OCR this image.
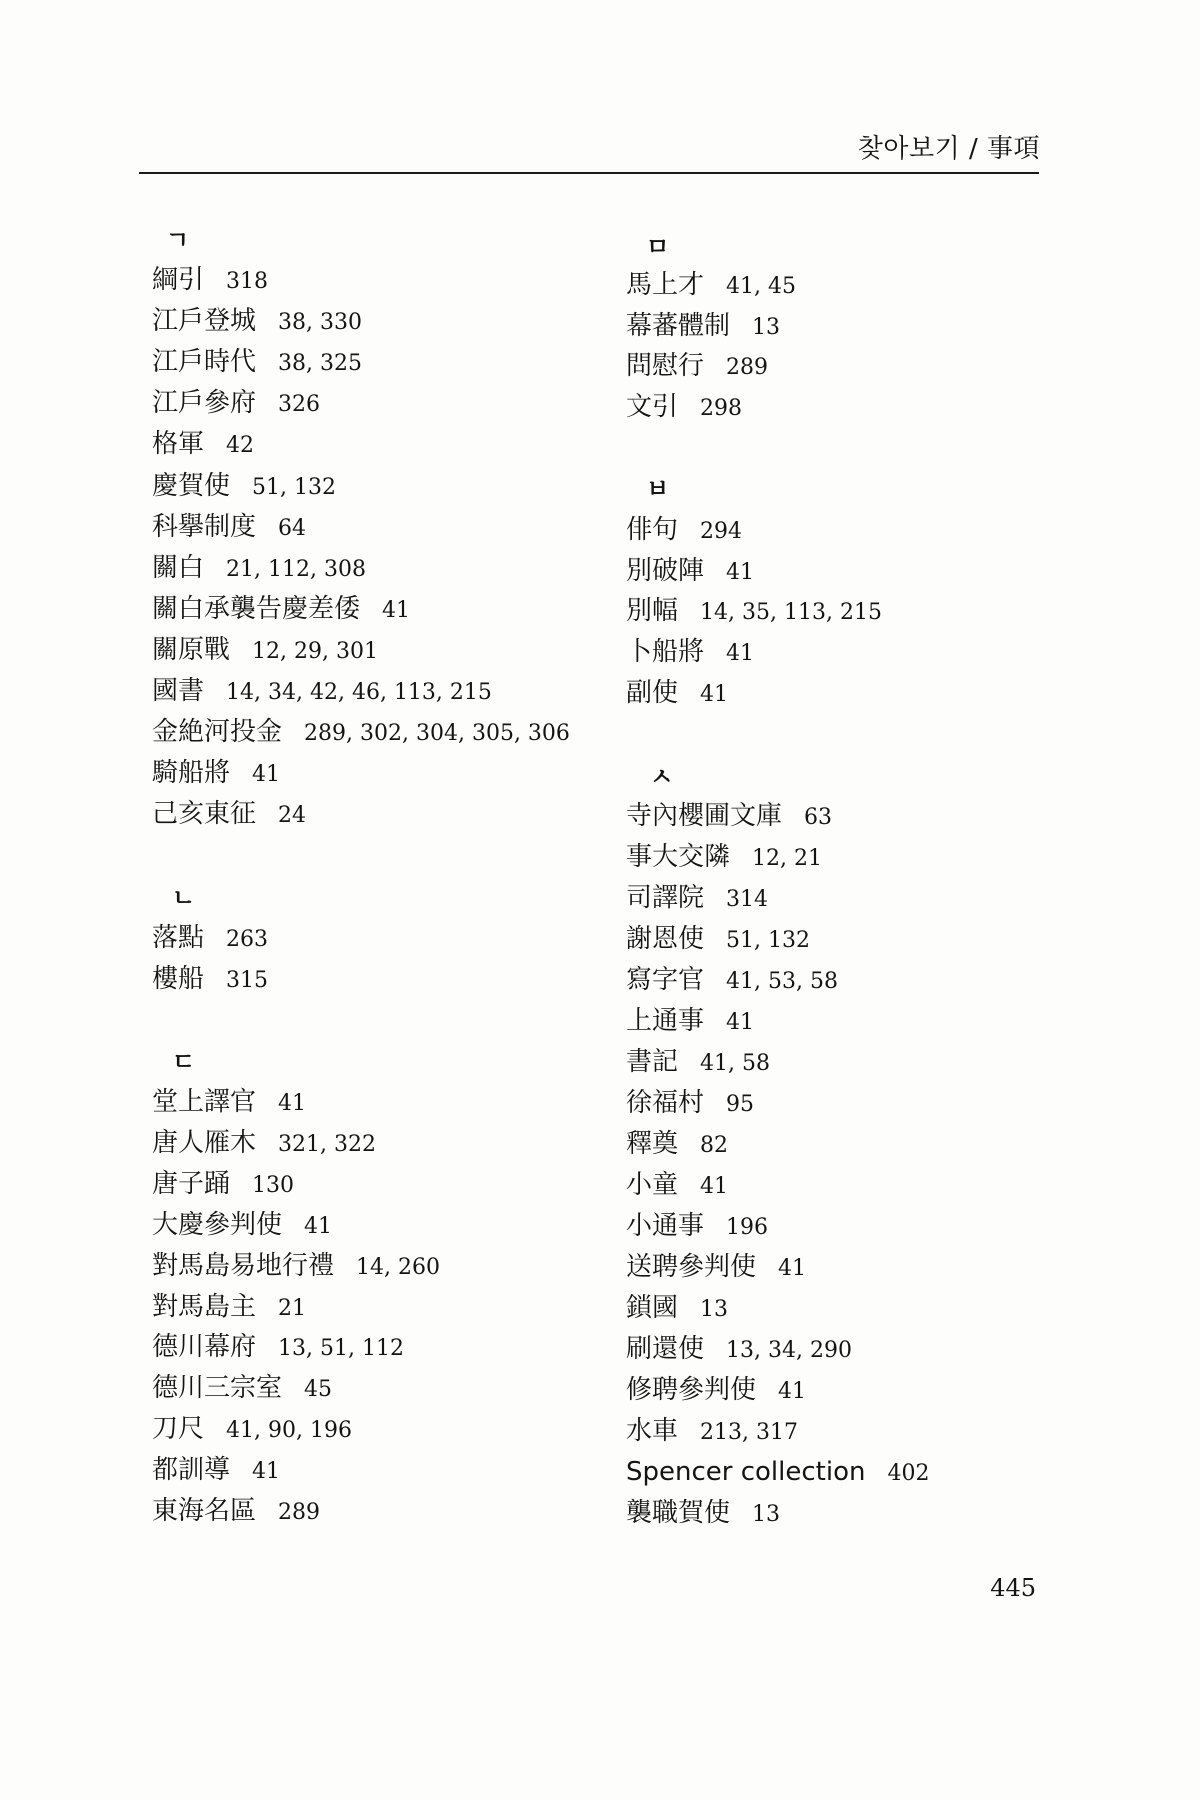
찾아보기 / 事項
ㄱ
綱引 318
江戶登城 38, 330
江戶時代 38, 325
江戶參府 326
格軍 42
慶賀使 51, 132
科擧制度 64
關白 21, 112, 308
關白承襲告慶差倭 41
關原戰 12, 29, 301
國書 14, 34, 42, 46, 113, 215
金絶河投金 289, 302, 304, 305, 306
騎船將 41
己亥東征 24
ㄴ
落點 263
樓船 315
ㄷ
堂上譯官 41
唐人雁木 321, 322
唐子踊 130
大慶參判使 41
對馬島易地行禮 14, 260
對馬島主 21
德川幕府 13, 51, 112
德川三宗室 45
刀尺 41, 90, 196
都訓導 41
東海名區 289
ㅁ
馬上才 41, 45
幕蕃體制 13
問慰行 289
文引 298
ㅂ
俳句 294
別破陣 41
別幅 14, 35, 113, 215
卜船將 41
副使 41
ㅅ
寺內櫻圃文庫 63
事大交隣 12, 21
司譯院 314
謝恩使 51, 132
寫字官 41, 53, 58
上通事 41
書記 41, 58
徐福村 95
釋奠 82
小童 41
小通事 196
送聘參判使 41
鎖國 13
刷還使 13, 34, 290
修聘參判使 41
水車 213, 317
Spencer collection 402
襲職賀使 13
445
